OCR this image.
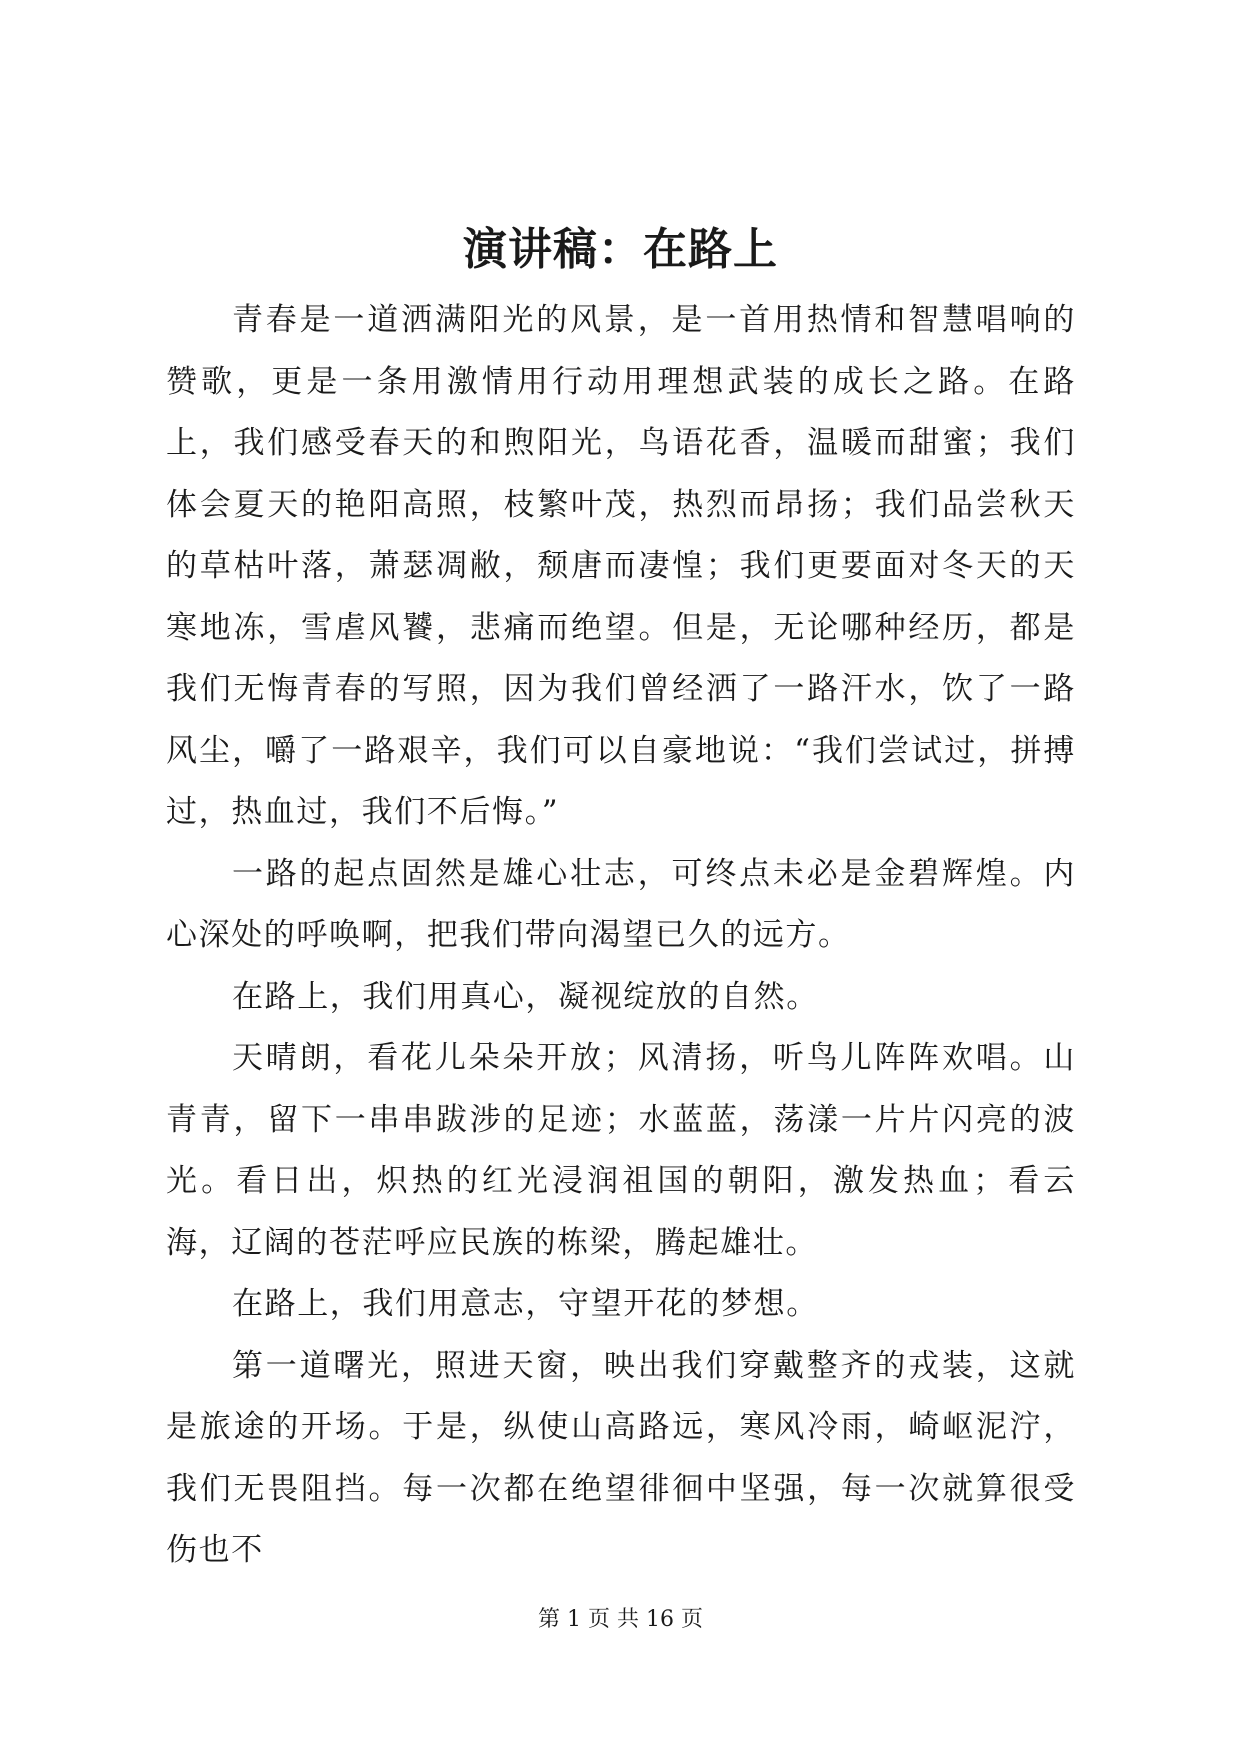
演讲稿：在路上

青春是一道洒满阳光的风景，是一首用热情和智慧唱响的赞歌，更是一条用激情用行动用理想武装的成长之路。在路上，我们感受春天的和煦阳光，鸟语花香，温暖而甜蜜；我们体会夏天的艳阳高照，枝繁叶茂，热烈而昂扬；我们品尝秋天的草枯叶落，萧瑟凋敝，颓唐而凄惶；我们更要面对冬天的天寒地冻，雪虐风饕，悲痛而绝望。但是，无论哪种经历，都是我们无悔青春的写照，因为我们曾经洒了一路汗水，饮了一路风尘，嚼了一路艰辛，我们可以自豪地说：“我们尝试过，拼搏过，热血过，我们不后悔。”

一路的起点固然是雄心壮志，可终点未必是金碧辉煌。内心深处的呼唤啊，把我们带向渴望已久的远方。

在路上，我们用真心，凝视绽放的自然。

天晴朗，看花儿朵朵开放；风清扬，听鸟儿阵阵欢唱。山青青，留下一串串跋涉的足迹；水蓝蓝，荡漾一片片闪亮的波光。看日出，炽热的红光浸润祖国的朝阳，激发热血；看云海，辽阔的苍茫呼应民族的栋梁，腾起雄壮。

在路上，我们用意志，守望开花的梦想。

第一道曙光，照进天窗，映出我们穿戴整齐的戎装，这就是旅途的开场。于是，纵使山高路远，寒风冷雨，崎岖泥泞，我们无畏阻挡。每一次都在绝望徘徊中坚强，每一次就算很受伤也不

第 1 页 共 16 页
